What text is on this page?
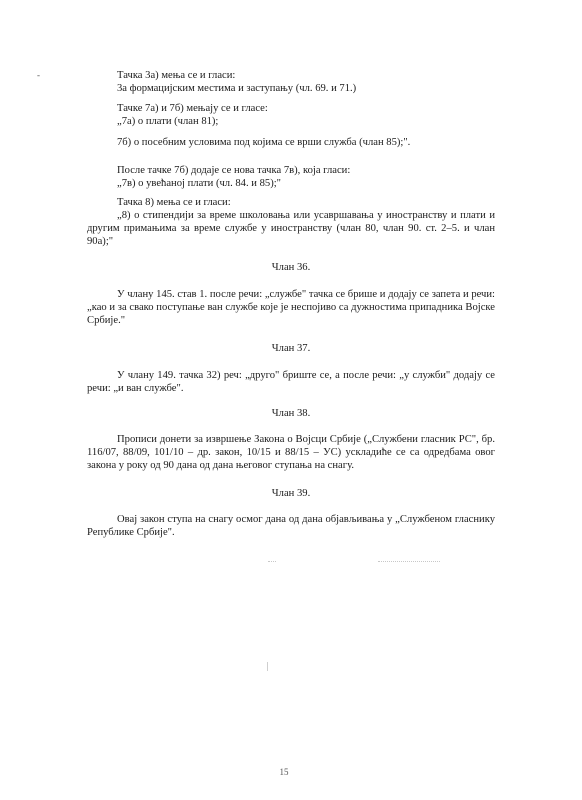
-	Тачка 3а) мења се и гласи:
3а формацијским местима и заступању (чл. 69. и 71.)
Тачке 7а) и 7б) мењају се и гласе:
„7а) о плати (члан 81);
7б) о посебним условима под којима се врши служба (члан 85);".
После тачке 7б) додаје се нова тачка 7в), која гласи:
„7в) о увећаној плати (чл. 84. и 85);"
Тачка 8) мења се и гласи:
„8) о стипендији за време школовања или усавршавања у иностранству и плати и другим примањима за време службе у иностранству (члан 80, члан 90. ст. 2–5. и члан 90а);"
Члан 36.
У члану 145. став 1. после речи: „службе" тачка се брише и додају се запета и речи: „као и за свако поступање ван службе које је неспојиво са дужностима припадника Војске Србије."
Члан 37.
У члану 149. тачка 32) реч: „друго" бриште се, а после речи: „у служби" додају се речи: „и ван службе".
Члан 38.
Прописи донети за извршење Закона о Војсци Србије („Службени гласник РС", бр. 116/07, 88/09, 101/10 – др. закон, 10/15 и 88/15 – УС) ускладиће се са одредбама овог закона у року од 90 дана од дана његовог ступања на снагу.
Члан 39.
Овај закон ступа на снагу осмог дана од дана објављивања у „Службеном гласнику Републике Србије".
15
